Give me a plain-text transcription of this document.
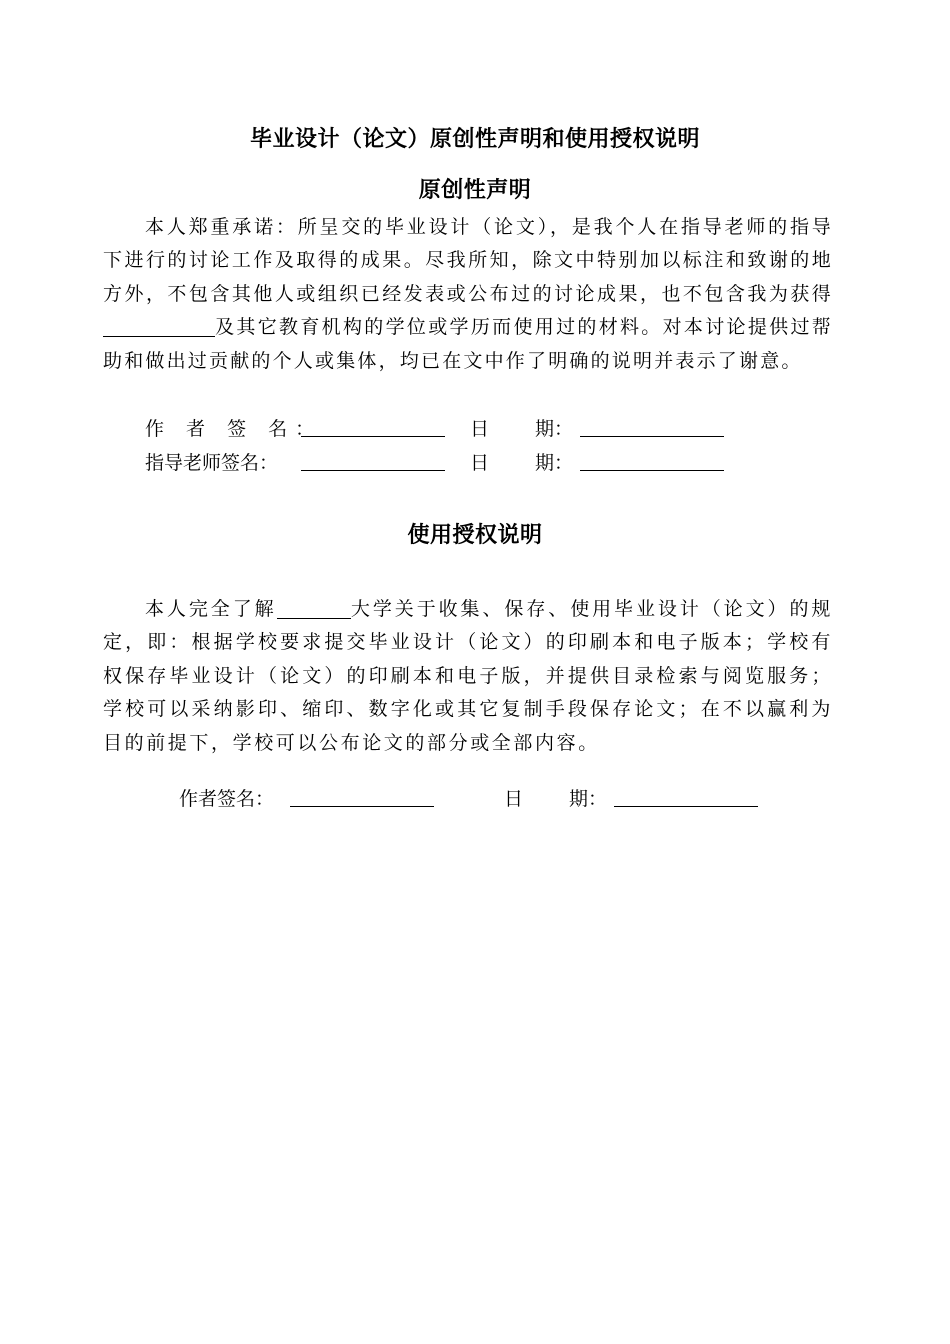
毕业设计（论文）原创性声明和使用授权说明
原创性声明

本人郑重承诺：所呈交的毕业设计（论文），是我个人在指导老师的指导下进行的讨论工作及取得的成果。尽我所知，除文中特别加以标注和致谢的地方外，不包含其他人或组织已经发表或公布过的讨论成果，也不包含我为获得及其它教育机构的学位或学历而使用过的材料。对本讨论提供过帮助和做出过贡献的个人或集体，均已在文中作了明确的说明并表示了谢意。

作 者 签 名：	日 期：
指导老师签名：	日 期：
使用授权说明

本人完全了解	大学关于收集、保存、使用毕业设计（论文）的规定，即：根据学校要求提交毕业设计（论文）的印刷本和电子版本；学校有权保存毕业设计（论文）的印刷本和电子版，并提供目录检索与阅览服务；学校可以采纳影印、缩印、数字化或其它复制手段保存论文；在不以赢利为目的前提下，学校可以公布论文的部分或全部内容。

作者签名：	日 期：
